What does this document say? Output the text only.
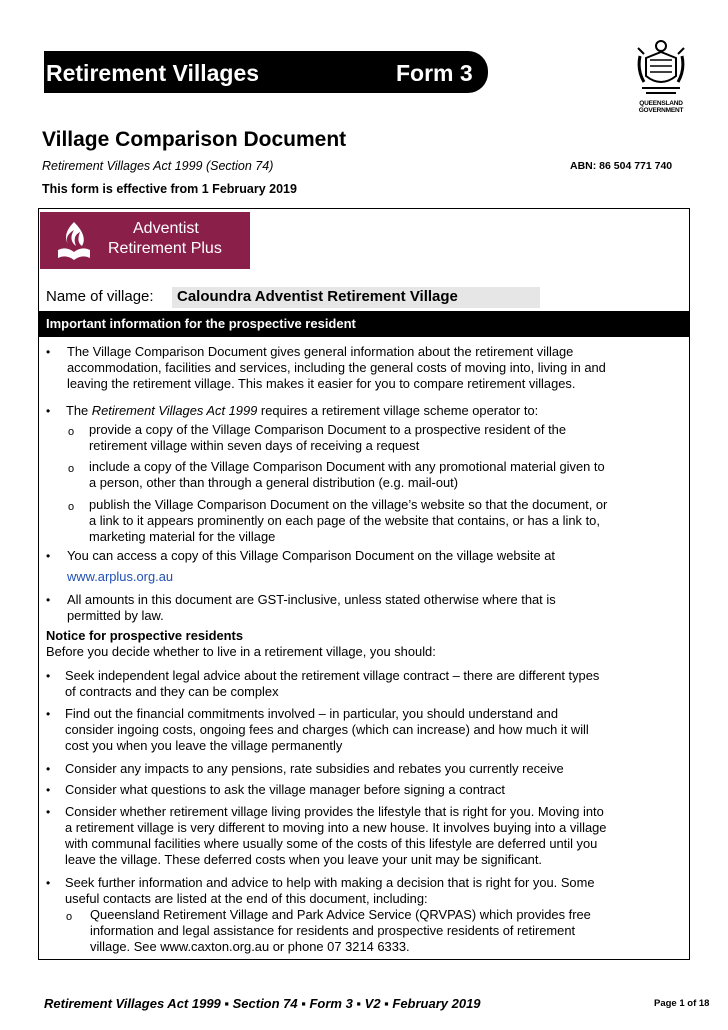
Retirement Villages	Form 3
QUEENSLAND
GOVERNMENT
Village Comparison Document
Retirement Villages Act 1999 (Section 74)	ABN: 86 504 771 740
This form is effective from 1 February 2019
Adventist
Retirement Plus
Name of village: Caloundra Adventist Retirement Village
Important information for the prospective resident
• The Village Comparison Document gives general information about the retirement village
accommodation, facilities and services, including the general costs of moving into, living in and
leaving the retirement village. This makes it easier for you to compare retirement villages.
• The Retirement Villages Act 1999 requires a retirement village scheme operator to:
o provide a copy of the Village Comparison Document to a prospective resident of the
retirement village within seven days of receiving a request
o include a copy of the Village Comparison Document with any promotional material given to
a person, other than through a general distribution (e.g. mail-out)
o publish the Village Comparison Document on the village’s website so that the document, or
a link to it appears prominently on each page of the website that contains, or has a link to,
marketing material for the village
• You can access a copy of this Village Comparison Document on the village website at
www.arplus.org.au
• All amounts in this document are GST-inclusive, unless stated otherwise where that is
permitted by law.
Notice for prospective residents
Before you decide whether to live in a retirement village, you should:
• Seek independent legal advice about the retirement village contract – there are different types
of contracts and they can be complex
• Find out the financial commitments involved – in particular, you should understand and
consider ingoing costs, ongoing fees and charges (which can increase) and how much it will
cost you when you leave the village permanently
• Consider any impacts to any pensions, rate subsidies and rebates you currently receive
• Consider what questions to ask the village manager before signing a contract
• Consider whether retirement village living provides the lifestyle that is right for you. Moving into
a retirement village is very different to moving into a new house. It involves buying into a village
with communal facilities where usually some of the costs of this lifestyle are deferred until you
leave the village. These deferred costs when you leave your unit may be significant.
• Seek further information and advice to help with making a decision that is right for you. Some
useful contacts are listed at the end of this document, including:
o Queensland Retirement Village and Park Advice Service (QRVPAS) which provides free
information and legal assistance for residents and prospective residents of retirement
village. See www.caxton.org.au or phone 07 3214 6333.
Retirement Villages Act 1999 ▪ Section 74 ▪ Form 3 ▪ V2 ▪ February 2019	Page 1 of 18
